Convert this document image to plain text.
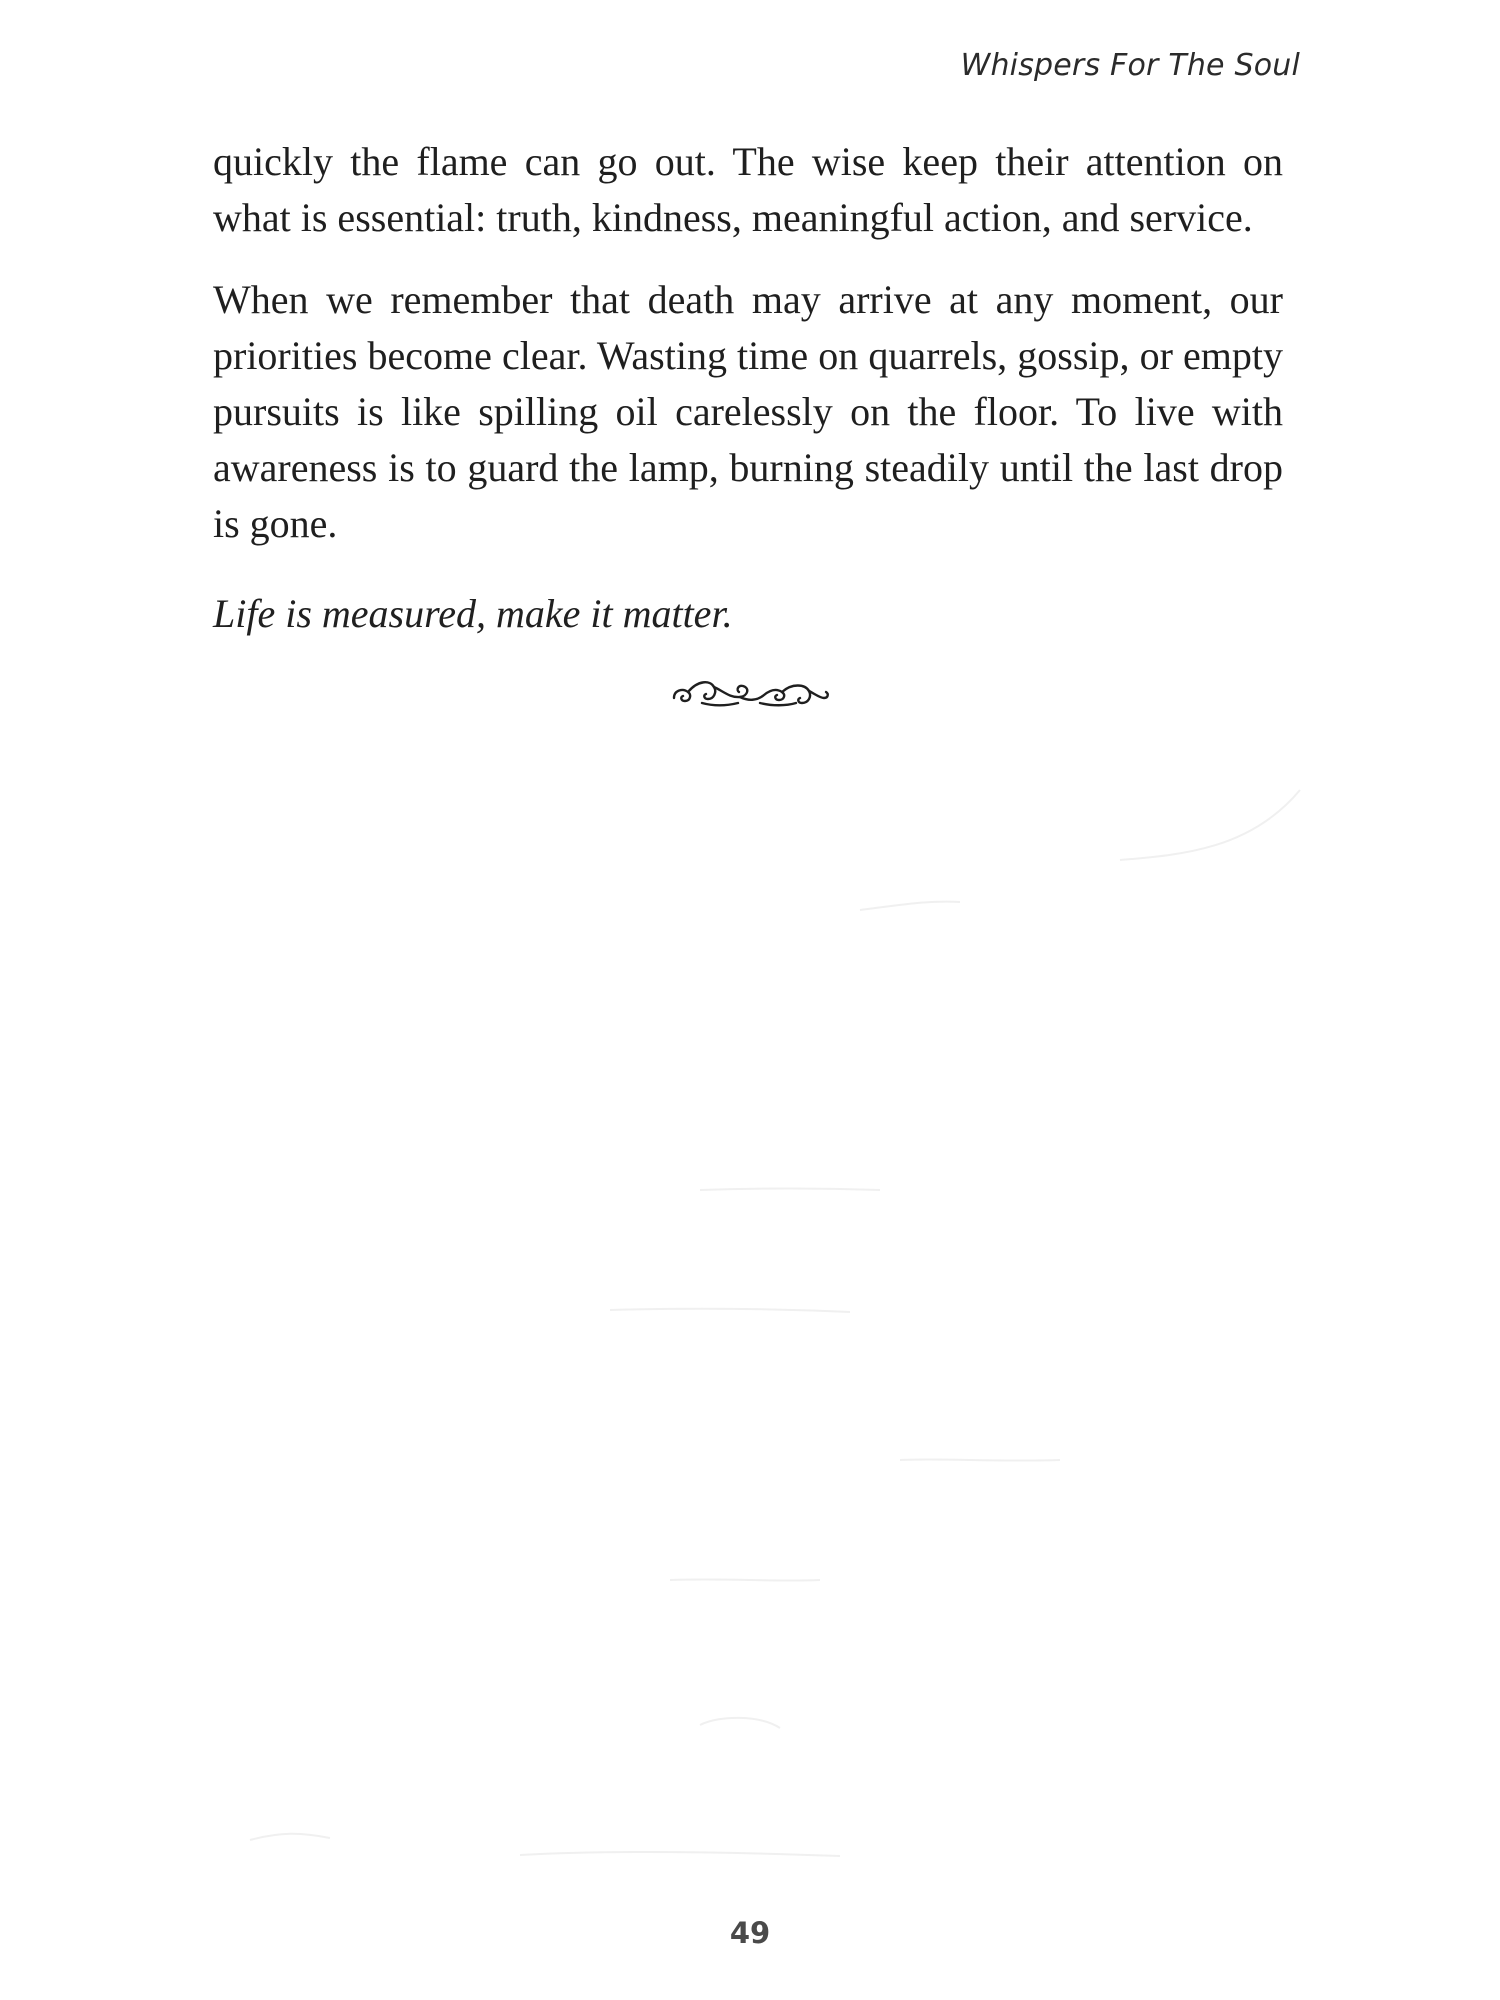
Whispers For The Soul

quickly the flame can go out. The wise keep their attention on what is essential: truth, kindness, meaningful action, and service.

When we remember that death may arrive at any moment, our priorities become clear. Wasting time on quarrels, gossip, or empty pursuits is like spilling oil carelessly on the floor. To live with awareness is to guard the lamp, burning steadily until the last drop is gone.

Life is measured, make it matter.

49
